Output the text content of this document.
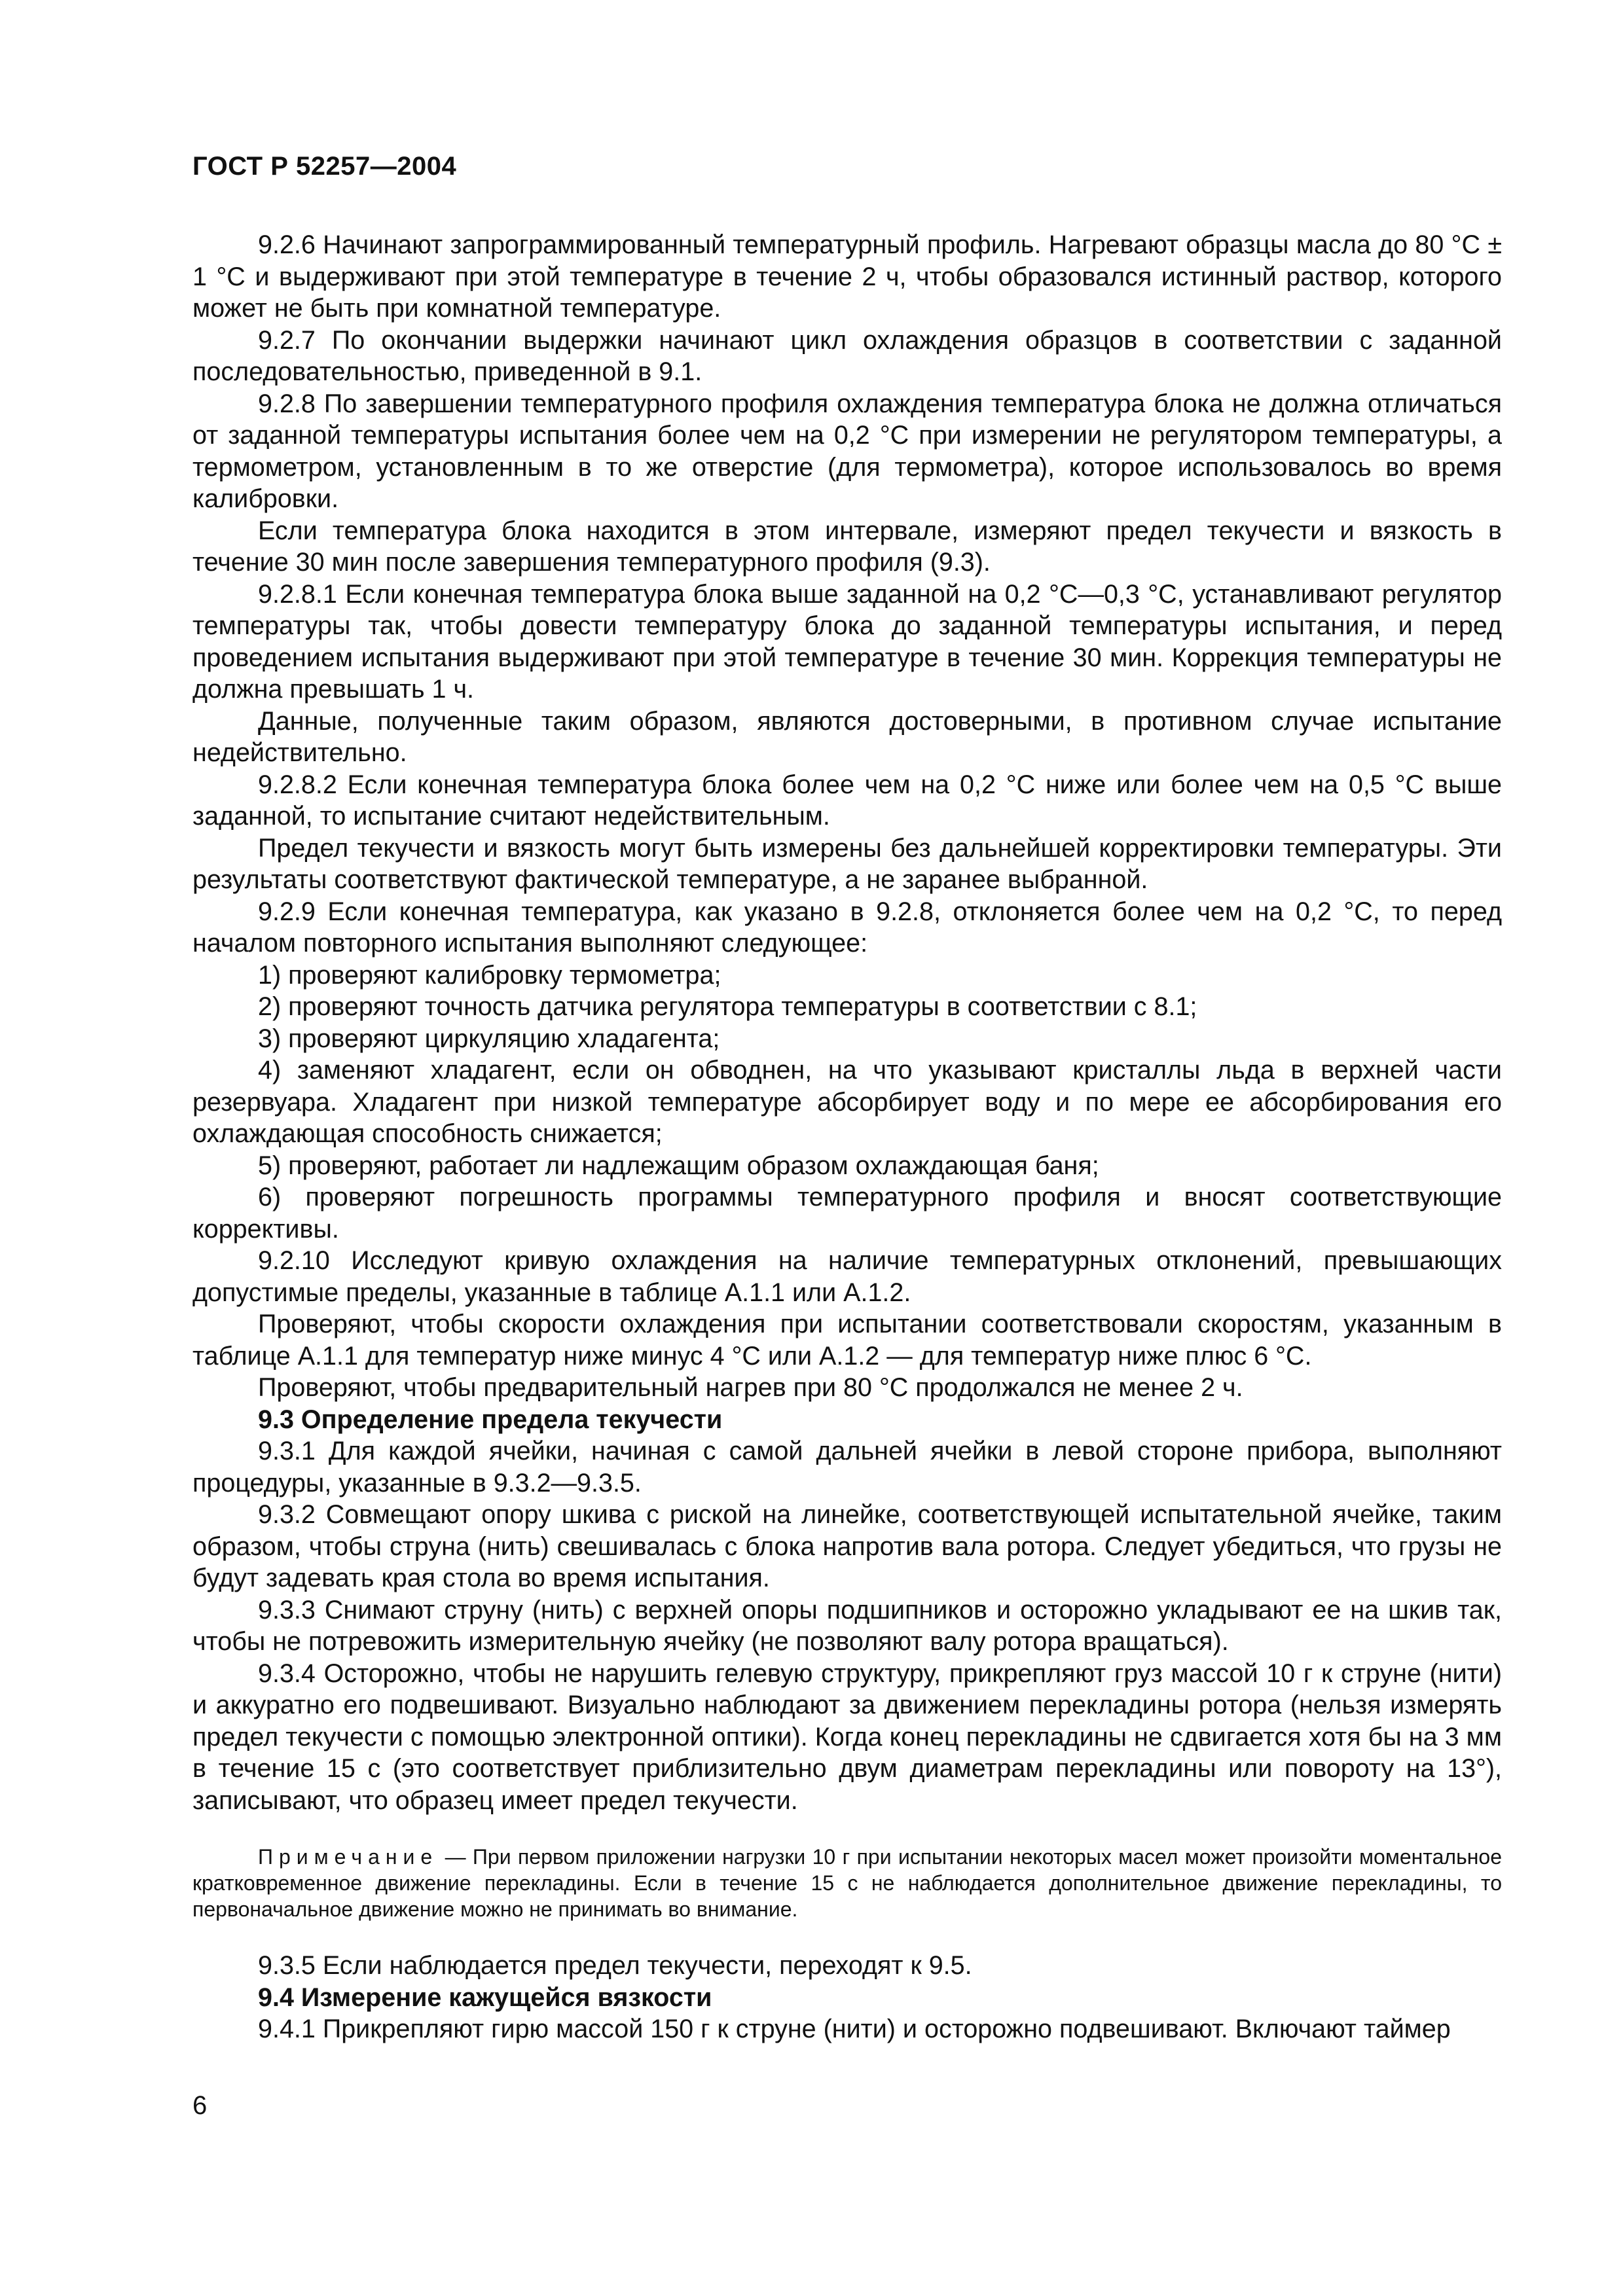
ГОСТ Р 52257—2004

9.2.6 Начинают запрограммированный температурный профиль. Нагревают образцы масла до 80 °С ± 1 °С и выдерживают при этой температуре в течение 2 ч, чтобы образовался истинный раствор, которого может не быть при комнатной температуре.

9.2.7 По окончании выдержки начинают цикл охлаждения образцов в соответствии с заданной последовательностью, приведенной в 9.1.

9.2.8 По завершении температурного профиля охлаждения температура блока не должна отличаться от заданной температуры испытания более чем на 0,2 °С при измерении не регулятором температуры, а термометром, установленным в то же отверстие (для термометра), которое использовалось во время калибровки.

Если температура блока находится в этом интервале, измеряют предел текучести и вязкость в течение 30 мин после завершения температурного профиля (9.3).

9.2.8.1 Если конечная температура блока выше заданной на 0,2 °С—0,3 °С, устанавливают регулятор температуры так, чтобы довести температуру блока до заданной температуры испытания, и перед проведением испытания выдерживают при этой температуре в течение 30 мин. Коррекция температуры не должна превышать 1 ч.

Данные, полученные таким образом, являются достоверными, в противном случае испытание недействительно.

9.2.8.2 Если конечная температура блока более чем на 0,2 °С ниже или более чем на 0,5 °С выше заданной, то испытание считают недействительным.

Предел текучести и вязкость могут быть измерены без дальнейшей корректировки температуры. Эти результаты соответствуют фактической температуре, а не заранее выбранной.

9.2.9 Если конечная температура, как указано в 9.2.8, отклоняется более чем на 0,2 °С, то перед началом повторного испытания выполняют следующее:

1) проверяют калибровку термометра;

2) проверяют точность датчика регулятора температуры в соответствии с 8.1;

3) проверяют циркуляцию хладагента;

4) заменяют хладагент, если он обводнен, на что указывают кристаллы льда в верхней части резервуара. Хладагент при низкой температуре абсорбирует воду и по мере ее абсорбирования его охлаждающая способность снижается;

5) проверяют, работает ли надлежащим образом охлаждающая баня;

6) проверяют погрешность программы температурного профиля и вносят соответствующие коррективы.

9.2.10 Исследуют кривую охлаждения на наличие температурных отклонений, превышающих допустимые пределы, указанные в таблице А.1.1 или А.1.2.

Проверяют, чтобы скорости охлаждения при испытании соответствовали скоростям, указанным в таблице А.1.1 для температур ниже минус 4 °С или А.1.2 — для температур ниже плюс 6 °С.

Проверяют, чтобы предварительный нагрев при 80 °С продолжался не менее 2 ч.

9.3 Определение предела текучести

9.3.1 Для каждой ячейки, начиная с самой дальней ячейки в левой стороне прибора, выполняют процедуры, указанные в 9.3.2—9.3.5.

9.3.2 Совмещают опору шкива с риской на линейке, соответствующей испытательной ячейке, таким образом, чтобы струна (нить) свешивалась с блока напротив вала ротора. Следует убедиться, что грузы не будут задевать края стола во время испытания.

9.3.3 Снимают струну (нить) с верхней опоры подшипников и осторожно укладывают ее на шкив так, чтобы не потревожить измерительную ячейку (не позволяют валу ротора вращаться).

9.3.4 Осторожно, чтобы не нарушить гелевую структуру, прикрепляют груз массой 10 г к струне (нити) и аккуратно его подвешивают. Визуально наблюдают за движением перекладины ротора (нельзя измерять предел текучести с помощью электронной оптики). Когда конец перекладины не сдвигается хотя бы на 3 мм в течение 15 с (это соответствует приблизительно двум диаметрам перекладины или повороту на 13°), записывают, что образец имеет предел текучести.

Примечание — При первом приложении нагрузки 10 г при испытании некоторых масел может произойти моментальное кратковременное движение перекладины. Если в течение 15 с не наблюдается дополнительное движение перекладины, то первоначальное движение можно не принимать во внимание.

9.3.5 Если наблюдается предел текучести, переходят к 9.5.

9.4 Измерение кажущейся вязкости

9.4.1 Прикрепляют гирю массой 150 г к струне (нити) и осторожно подвешивают. Включают таймер

6
